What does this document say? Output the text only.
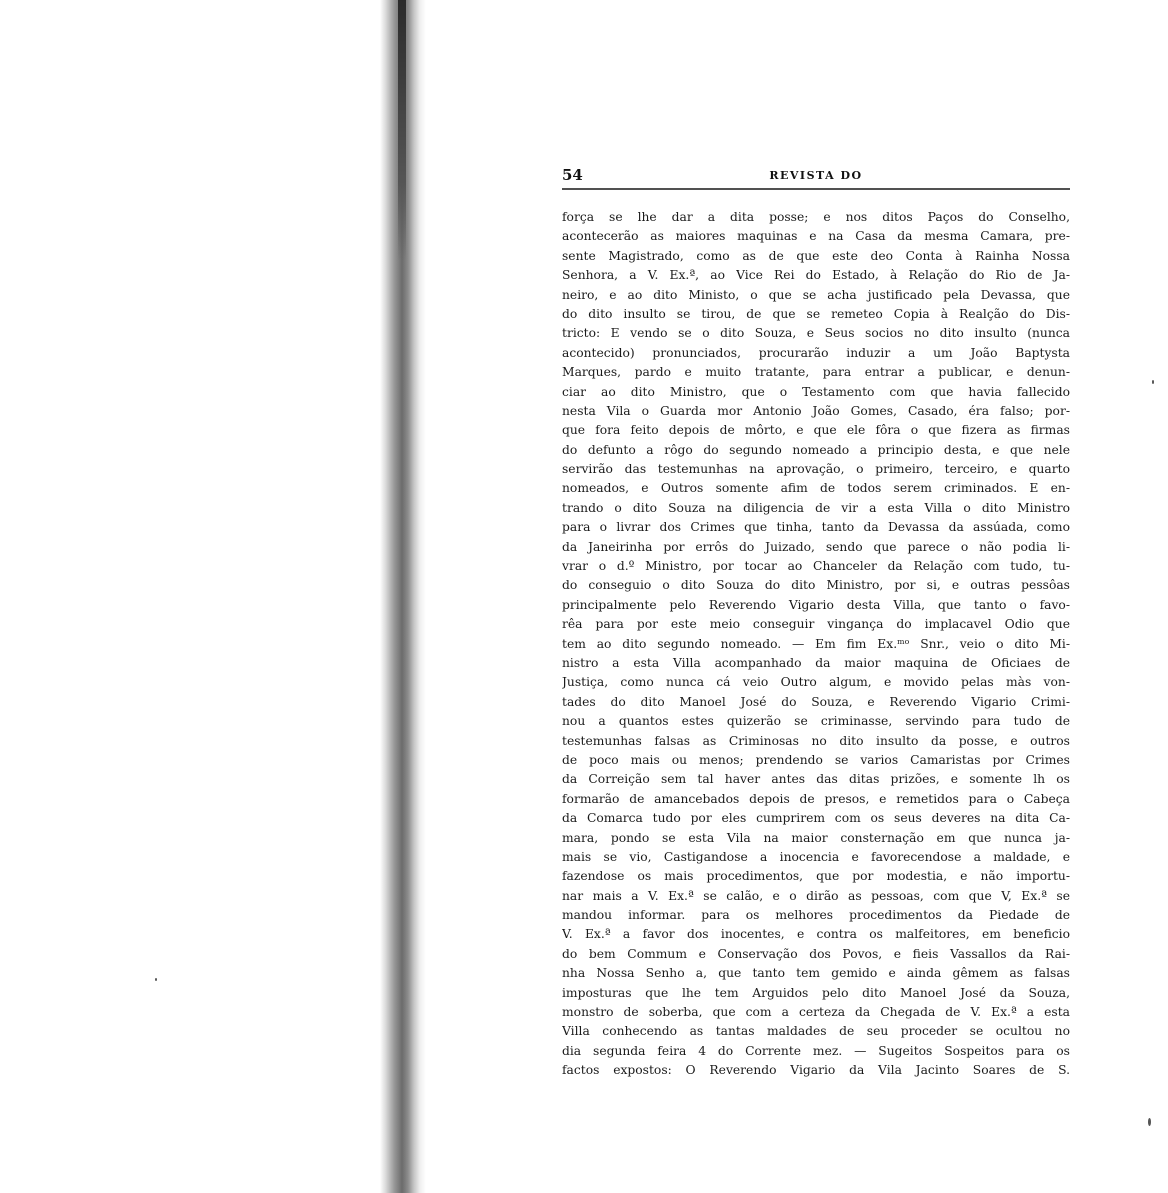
54	REVISTA DO
força se lhe dar a dita posse; e nos ditos Paços do Conselho,
acontecerão as maiores maquinas e na Casa da mesma Camara, pre-
sente Magistrado, como as de que este deo Conta à Rainha Nossa
Senhora, a V. Ex.ª, ao Vice Rei do Estado, à Relação do Rio de Ja-
neiro, e ao dito Ministo, o que se acha justificado pela Devassa, que
do dito insulto se tirou, de que se remeteo Copia à Realção do Dis-
tricto: E vendo se o dito Souza, e Seus socios no dito insulto (nunca
acontecido) pronunciados, procurarão induzir a um João Baptysta
Marques, pardo e muito tratante, para entrar a publicar, e denun-
ciar ao dito Ministro, que o Testamento com que havia fallecido
nesta Vila o Guarda mor Antonio João Gomes, Casado, éra falso; por-
que fora feito depois de môrto, e que ele fôra o que fizera as firmas
do defunto a rôgo do segundo nomeado a principio desta, e que nele
servirão das testemunhas na aprovação, o primeiro, terceiro, e quarto
nomeados, e Outros somente afim de todos serem criminados. E en-
trando o dito Souza na diligencia de vir a esta Villa o dito Ministro
para o livrar dos Crimes que tinha, tanto da Devassa da assúada, como
da Janeirinha por errôs do Juizado, sendo que parece o não podia li-
vrar o d.º Ministro, por tocar ao Chanceler da Relação com tudo, tu-
do conseguio o dito Souza do dito Ministro, por si, e outras pessôas
principalmente pelo Reverendo Vigario desta Villa, que tanto o favo-
rêa para por este meio conseguir vingança do implacavel Odio que
tem ao dito segundo nomeado. — Em fim Ex.ᵐᵒ Snr., veio o dito Mi-
nistro a esta Villa acompanhado da maior maquina de Oficiaes de
Justiça, como nunca cá veio Outro algum, e movido pelas màs von-
tades do dito Manoel José do Souza, e Reverendo Vigario Crimi-
nou a quantos estes quizerão se criminasse, servindo para tudo de
testemunhas falsas as Criminosas no dito insulto da posse, e outros
de poco mais ou menos; prendendo se varios Camaristas por Crimes
da Correição sem tal haver antes das ditas prizões, e somente lh os
formarão de amancebados depois de presos, e remetidos para o Cabeça
da Comarca tudo por eles cumprirem com os seus deveres na dita Ca-
mara, pondo se esta Vila na maior consternação em que nunca ja-
mais se vio, Castigandose a inocencia e favorecendose a maldade, e
fazendose os mais procedimentos, que por modestia, e não importu-
nar mais a V. Ex.ª se calão, e o dirão as pessoas, com que V, Ex.ª se
mandou informar. para os melhores procedimentos da Piedade de
V. Ex.ª a favor dos inocentes, e contra os malfeitores, em beneficio
do bem Commum e Conservação dos Povos, e fieis Vassallos da Rai-
nha Nossa Senho a, que tanto tem gemido e ainda gêmem as falsas
imposturas que lhe tem Arguidos pelo dito Manoel José da Souza,
monstro de soberba, que com a certeza da Chegada de V. Ex.ª a esta
Villa conhecendo as tantas maldades de seu proceder se ocultou no
dia segunda feira 4 do Corrente mez. — Sugeitos Sospeitos para os
factos expostos: O Reverendo Vigario da Vila Jacinto Soares de S.
